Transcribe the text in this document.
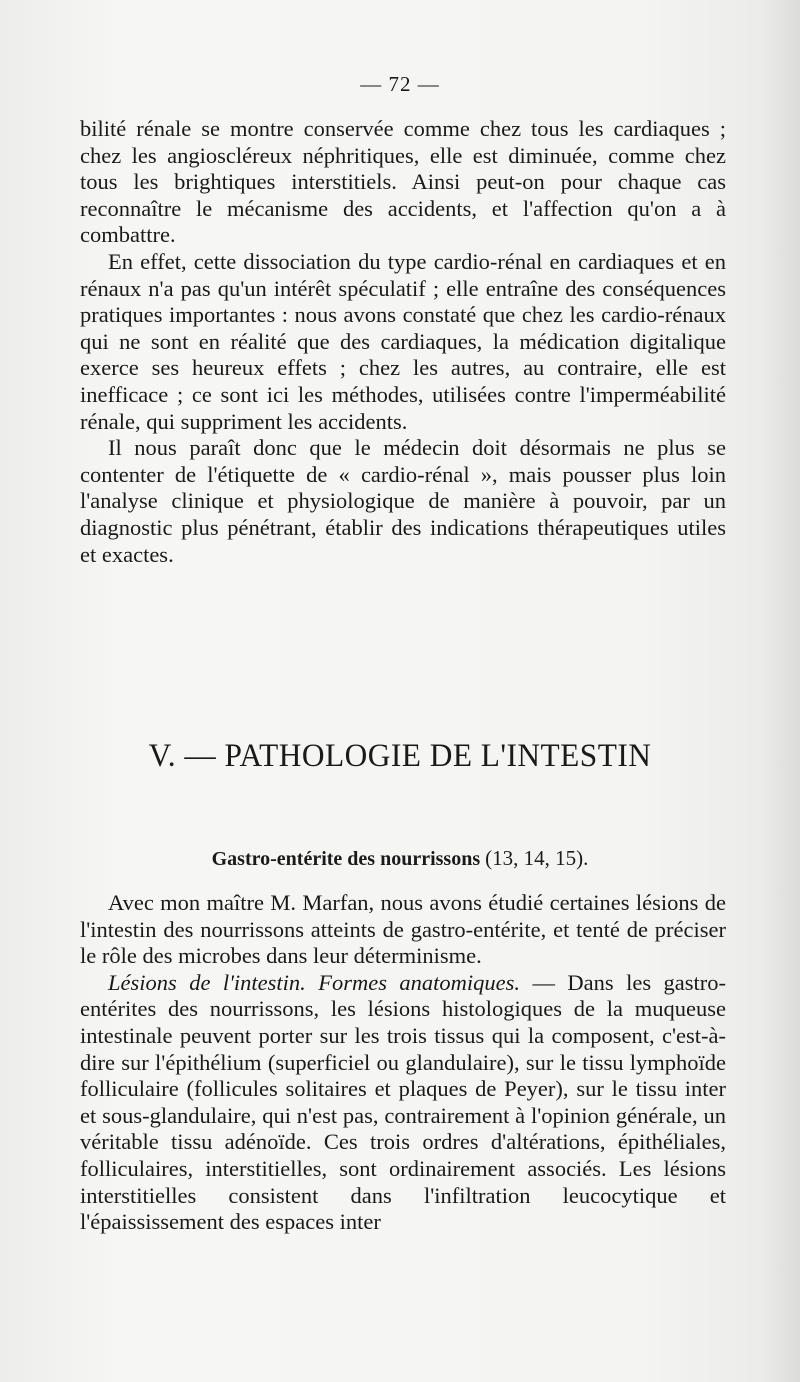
— 72 —

bilité rénale se montre conservée comme chez tous les cardiaques ; chez les angioscléreux néphritiques, elle est diminuée, comme chez tous les brightiques interstitiels. Ainsi peut-on pour chaque cas reconnaître le mécanisme des accidents, et l'affection qu'on a à combattre.

En effet, cette dissociation du type cardio-rénal en cardiaques et en rénaux n'a pas qu'un intérêt spéculatif ; elle entraîne des conséquences pratiques importantes : nous avons constaté que chez les cardio-rénaux qui ne sont en réalité que des cardiaques, la médication digitalique exerce ses heureux effets ; chez les autres, au contraire, elle est inefficace ; ce sont ici les méthodes, utilisées contre l'imperméabilité rénale, qui suppriment les accidents.

Il nous paraît donc que le médecin doit désormais ne plus se contenter de l'étiquette de « cardio-rénal », mais pousser plus loin l'analyse clinique et physiologique de manière à pouvoir, par un diagnostic plus pénétrant, établir des indications thérapeutiques utiles et exactes.

V. — PATHOLOGIE DE L'INTESTIN
Gastro-entérite des nourrissons (13, 14, 15).

Avec mon maître M. Marfan, nous avons étudié certaines lésions de l'intestin des nourrissons atteints de gastro-entérite, et tenté de préciser le rôle des microbes dans leur déterminisme.

Lésions de l'intestin. Formes anatomiques. — Dans les gastro-entérites des nourrissons, les lésions histologiques de la muqueuse intestinale peuvent porter sur les trois tissus qui la composent, c'est-à-dire sur l'épithélium (superficiel ou glandulaire), sur le tissu lymphoïde folliculaire (follicules solitaires et plaques de Peyer), sur le tissu inter et sous-glandulaire, qui n'est pas, contrairement à l'opinion générale, un véritable tissu adénoïde. Ces trois ordres d'altérations, épithéliales, folliculaires, interstitielles, sont ordinairement associés. Les lésions interstitielles consistent dans l'infiltration leucocytique et l'épaississement des espaces inter
